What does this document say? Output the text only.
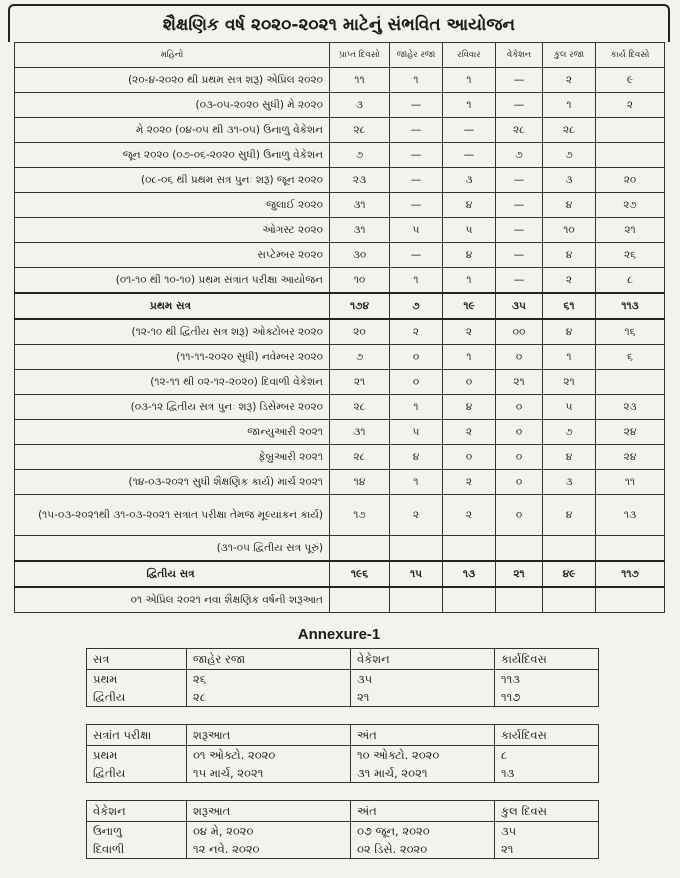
શૈક્ષણિક વર્ષ ૨૦૨૦-૨૦૨૧ માટેનું સંભવિત આયોજન
મહિનો	પ્રાપ્ત દિવસો	જાહેર રજા	રવિવાર	વેકેશન	કુલ રજા	કાર્ય દિવસો
(૨૦-૪-૨૦૨૦ થી પ્રથમ સત્ર શરૂ) એપ્રિલ ૨૦૨૦	૧૧	૧	૧	—	૨	૯
(૦૩-૦૫-૨૦૨૦ સુધી) મે ૨૦૨૦	૩	—	૧	—	૧	૨
મે ૨૦૨૦ (૦૪-૦૫ થી ૩૧-૦૫) ઉનાળુ વેકેશન	૨૮	—	—	૨૮	૨૮	
જૂન ૨૦૨૦ (૦૭-૦૬-૨૦૨૦ સુધી) ઉનાળુ વેકેશન	૭	—	—	૭	૭	
(૦૮-૦૬ થી પ્રથમ સત્ર પુનઃ શરૂ) જૂન ૨૦૨૦	૨૩	—	૩	—	૩	૨૦
જુલાઈ ૨૦૨૦	૩૧	—	૪	—	૪	૨૭
ઓગસ્ટ ૨૦૨૦	૩૧	૫	૫	—	૧૦	૨૧
સપ્ટેમ્બર ૨૦૨૦	૩૦	—	૪	—	૪	૨૬
(૦૧-૧૦ થી ૧૦-૧૦) પ્રથમ સત્રાંત પરીક્ષા આયોજન	૧૦	૧	૧	—	૨	૮
પ્રથમ સત્ર	૧૭૪	૭	૧૯	૩૫	૬૧	૧૧૩
(૧૨-૧૦ થી દ્વિતીય સત્ર શરૂ) ઓક્ટોબર ૨૦૨૦	૨૦	૨	૨	૦૦	૪	૧૬
(૧૧-૧૧-૨૦૨૦ સુધી) નવેમ્બર ૨૦૨૦	૭	૦	૧	૦	૧	૬
(૧૨-૧૧ થી ૦૨-૧૨-૨૦૨૦) દિવાળી વેકેશન	૨૧	૦	૦	૨૧	૨૧	
(૦૩-૧૨ દ્વિતીય સત્ર પુનઃ શરૂ) ડિસેમ્બર ૨૦૨૦	૨૮	૧	૪	૦	૫	૨૩
જાન્યુઆરી ૨૦૨૧	૩૧	૫	૨	૦	૭	૨૪
ફેબ્રુઆરી ૨૦૨૧	૨૮	૪	૦	૦	૪	૨૪
(૧૪-૦૩-૨૦૨૧ સુધી શૈક્ષણિક કાર્ય) માર્ચ ૨૦૨૧	૧૪	૧	૨	૦	૩	૧૧
(૧૫-૦૩-૨૦૨૧થી ૩૧-૦૩-૨૦૨૧ સત્રાંત પરીક્ષા તેમજ મૂલ્યાંકન કાર્ય)	૧૭	૨	૨	૦	૪	૧૩
(૩૧-૦૫ દ્વિતીય સત્ર પૂરું)						
દ્વિતીય સત્ર	૧૯૬	૧૫	૧૩	૨૧	૪૯	૧૧૭
૦૧ એપ્રિલ ૨૦૨૧ નવા શૈક્ષણિક વર્ષની શરૂઆત						
Annexure-1
સત્ર	જાહેર રજા	વેકેશન	કાર્યદિવસ
પ્રથમ	૨૬	૩૫	૧૧૩
દ્વિતીય	૨૮	૨૧	૧૧૭
સત્રાંત પરીક્ષા	શરૂઆત	અંત	કાર્યદિવસ
પ્રથમ	૦૧ ઓક્ટો. ૨૦૨૦	૧૦ ઓક્ટો. ૨૦૨૦	૮
દ્વિતીય	૧૫ માર્ચ, ૨૦૨૧	૩૧ માર્ચ, ૨૦૨૧	૧૩
વેકેશન	શરૂઆત	અંત	કુલ દિવસ
ઉનાળુ	૦૪ મે, ૨૦૨૦	૦૭ જૂન, ૨૦૨૦	૩૫
દિવાળી	૧૨ નવે. ૨૦૨૦	૦૨ ડિસે. ૨૦૨૦	૨૧
